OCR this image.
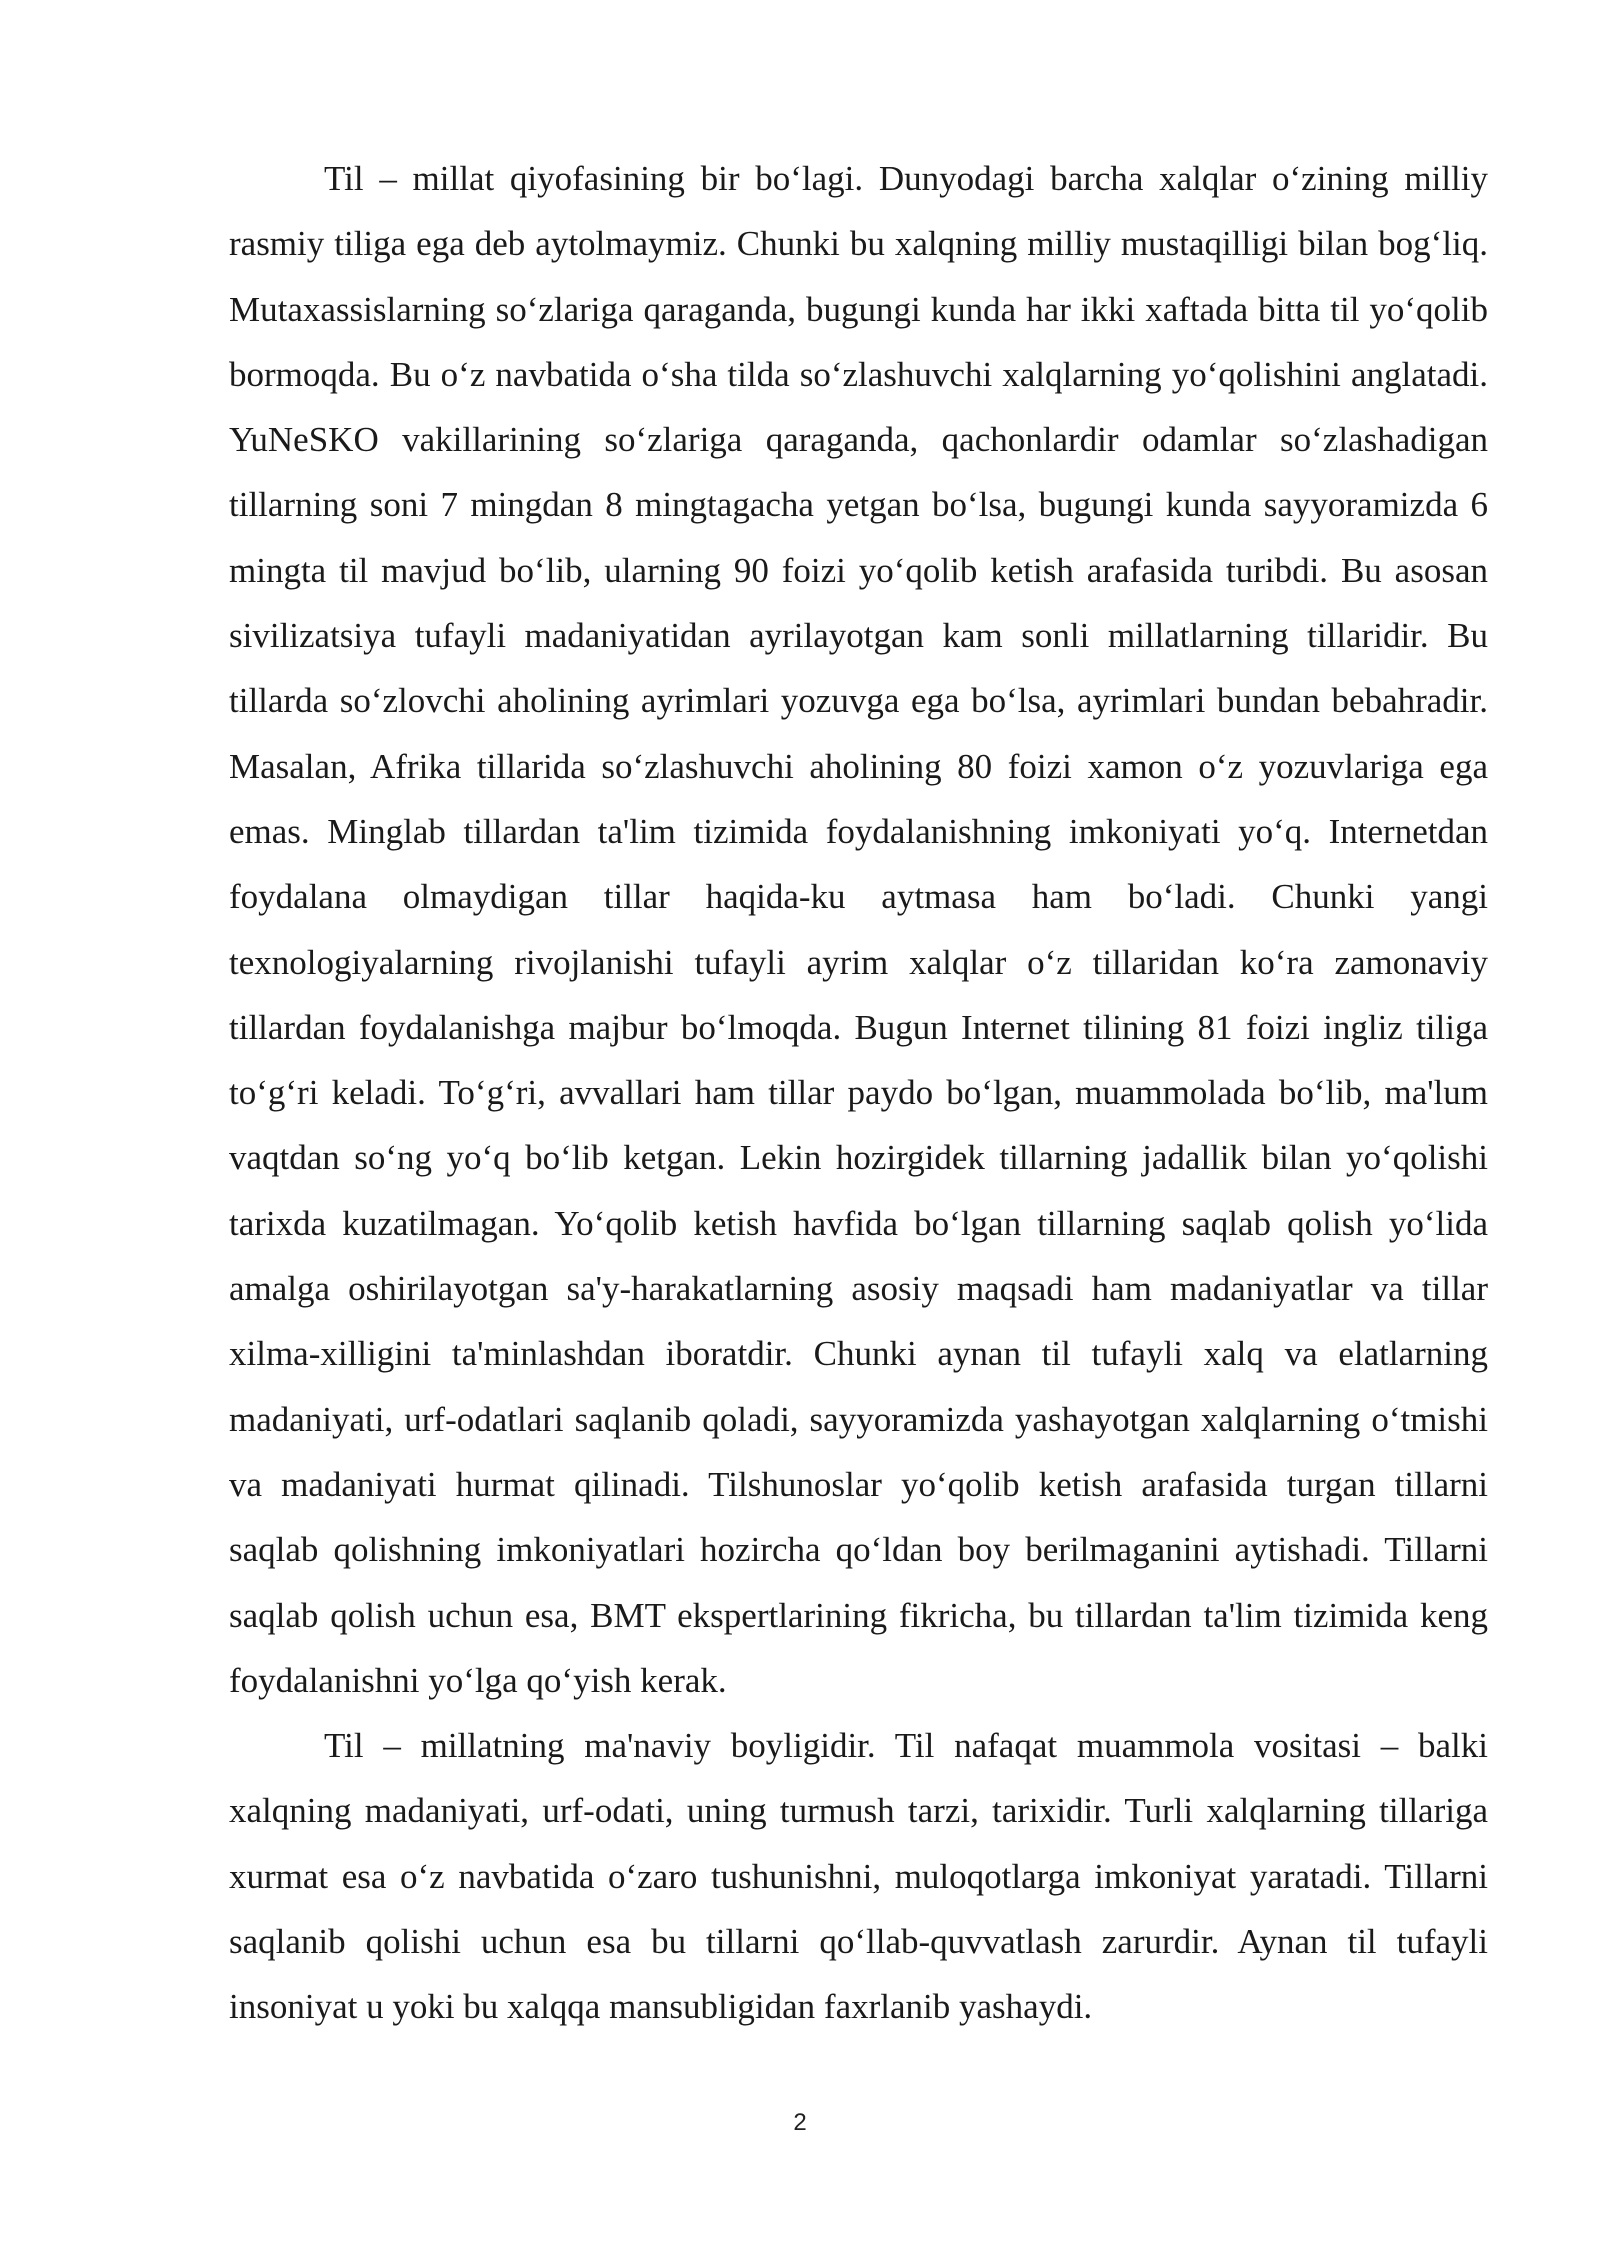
Til – millat qiyofasining bir bo‘lagi. Dunyodagi barcha xalqlar o‘zining milliy rasmiy tiliga ega deb aytolmaymiz. Chunki bu xalqning milliy mustaqilligi bilan bog‘liq. Mutaxassislarning so‘zlariga qaraganda, bugungi kunda har ikki xaftada bitta til yo‘qolib bormoqda. Bu o‘z navbatida o‘sha tilda so‘zlashuvchi xalqlarning yo‘qolishini anglatadi. YuNeSKO vakillarining so‘zlariga qaraganda, qachonlardir odamlar so‘zlashadigan tillarning soni 7 mingdan 8 mingtagacha yetgan bo‘lsa, bugungi kunda sayyoramizda 6 mingta til mavjud bo‘lib, ularning 90 foizi yo‘qolib ketish arafasida turibdi. Bu asosan sivilizatsiya tufayli madaniyatidan ayrilayotgan kam sonli millatlarning tillaridir. Bu tillarda so‘zlovchi aholining ayrimlari yozuvga ega bo‘lsa, ayrimlari bundan bebahradir. Masalan, Afrika tillarida so‘zlashuvchi aholining 80 foizi xamon o‘z yozuvlariga ega emas. Minglab tillardan ta'lim tizimida foydalanishning imkoniyati yo‘q. Internetdan foydalana olmaydigan tillar haqida-ku aytmasa ham bo‘ladi. Chunki yangi texnologiyalarning rivojlanishi tufayli ayrim xalqlar o‘z tillaridan ko‘ra zamonaviy tillardan foydalanishga majbur bo‘lmoqda. Bugun Internet tilining 81 foizi ingliz tiliga to‘g‘ri keladi. To‘g‘ri, avvallari ham tillar paydo bo‘lgan, muammolada bo‘lib, ma'lum vaqtdan so‘ng yo‘q bo‘lib ketgan. Lekin hozirgidek tillarning jadallik bilan yo‘qolishi tarixda kuzatilmagan. Yo‘qolib ketish havfida bo‘lgan tillarning saqlab qolish yo‘lida amalga oshirilayotgan sa'y-harakatlarning asosiy maqsadi ham madaniyatlar va tillar xilma-xilligini ta'minlashdan iboratdir. Chunki aynan til tufayli xalq va elatlarning madaniyati, urf-odatlari saqlanib qoladi, sayyoramizda yashayotgan xalqlarning o‘tmishi va madaniyati hurmat qilinadi. Tilshunoslar yo‘qolib ketish arafasida turgan tillarni saqlab qolishning imkoniyatlari hozircha qo‘ldan boy berilmaganini aytishadi. Tillarni saqlab qolish uchun esa, BMT ekspertlarining fikricha, bu tillardan ta'lim tizimida keng foydalanishni yo‘lga qo‘yish kerak.

Til – millatning ma'naviy boyligidir. Til nafaqat muammola vositasi – balki xalqning madaniyati, urf-odati, uning turmush tarzi, tarixidir. Turli xalqlarning tillariga xurmat esa o‘z navbatida o‘zaro tushunishni, muloqotlarga imkoniyat yaratadi. Tillarni saqlanib qolishi uchun esa bu tillarni qo‘llab-quvvatlash zarurdir. Aynan til tufayli insoniyat u yoki bu xalqqa mansubligidan faxrlanib yashaydi.

2
